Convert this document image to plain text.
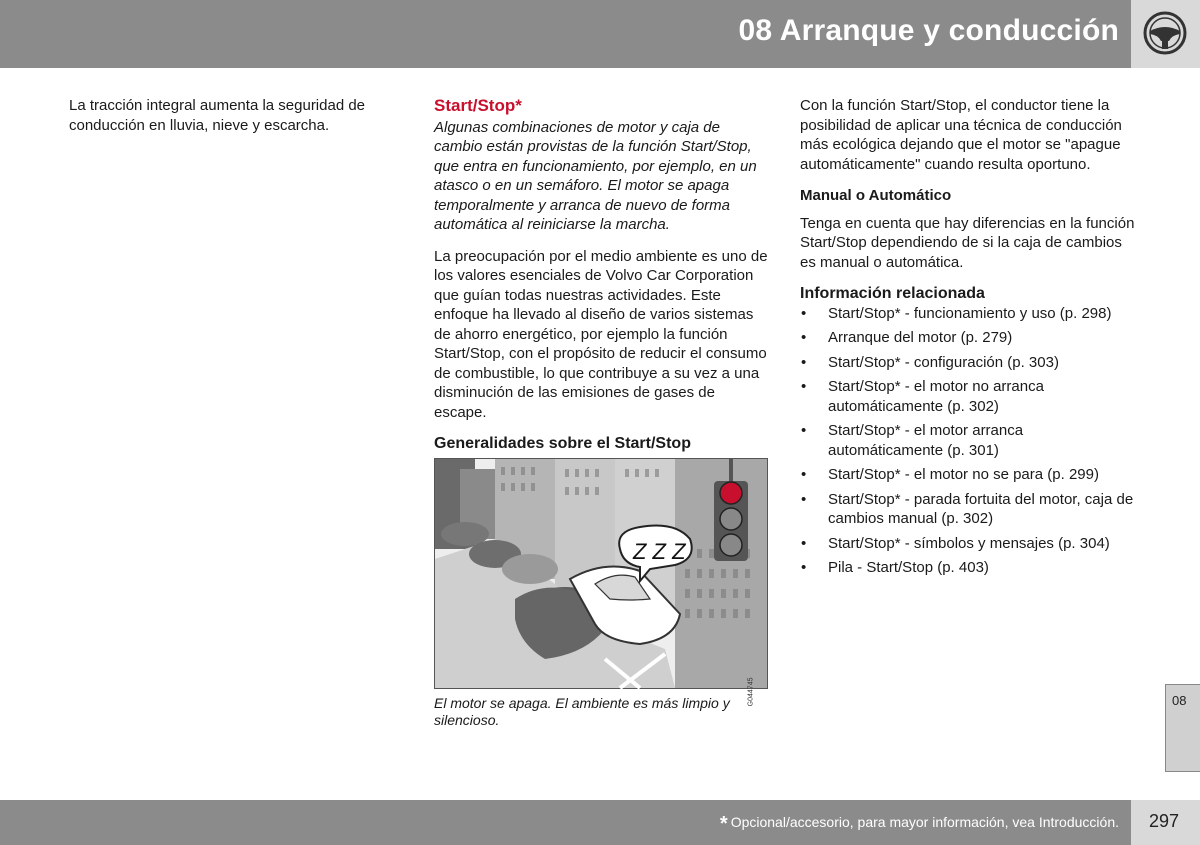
08 Arranque y conducción

La tracción integral aumenta la seguridad de conducción en lluvia, nieve y escarcha.

Start/Stop*
Algunas combinaciones de motor y caja de cambio están provistas de la función Start/Stop, que entra en funcionamiento, por ejemplo, en un atasco o en un semáforo. El motor se apaga temporalmente y arranca de nuevo de forma automática al reiniciarse la marcha.

La preocupación por el medio ambiente es uno de los valores esenciales de Volvo Car Corporation que guían todas nuestras actividades. Este enfoque ha llevado al diseño de varios sistemas de ahorro energético, por ejemplo la función Start/Stop, con el propósito de reducir el consumo de combustible, lo que contribuye a su vez a una disminución de las emisiones de gases de escape.

Generalidades sobre el Start/Stop
Z Z Z
G044745
El motor se apaga. El ambiente es más limpio y silencioso.

Con la función Start/Stop, el conductor tiene la posibilidad de aplicar una técnica de conducción más ecológica dejando que el motor se "apague automáticamente" cuando resulta oportuno.

Manual o Automático

Tenga en cuenta que hay diferencias en la función Start/Stop dependiendo de si la caja de cambios es manual o automática.

Información relacionada
• Start/Stop* - funcionamiento y uso (p. 298)
• Arranque del motor (p. 279)
• Start/Stop* - configuración (p. 303)
• Start/Stop* - el motor no arranca automáticamente (p. 302)
• Start/Stop* - el motor arranca automáticamente (p. 301)
• Start/Stop* - el motor no se para (p. 299)
• Start/Stop* - parada fortuita del motor, caja de cambios manual (p. 302)
• Start/Stop* - símbolos y mensajes (p. 304)
• Pila - Start/Stop (p. 403)
08
* Opcional/accesorio, para mayor información, vea Introducción. 297
